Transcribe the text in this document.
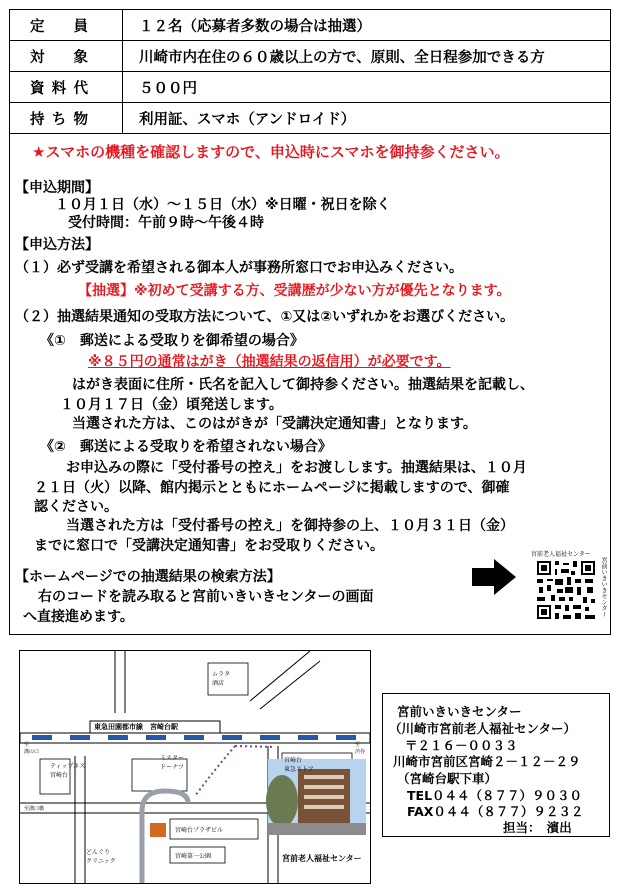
定　員	１２名（応募者多数の場合は抽選）
対　象	川崎市内在住の６０歳以上の方で、原則、全日程参加できる方
資料代	５００円
持ち物	利用証、スマホ（アンドロイド）
★スマホの機種を確認しますので、申込時にスマホを御持参ください。
【申込期間】
１０月１日（水）～１５日（水）※日曜・祝日を除く
受付時間：午前９時～午後４時
【申込方法】
（１）必ず受講を希望される御本人が事務所窓口でお申込みください。
【抽選】※初めて受講する方、受講歴が少ない方が優先となります。
（２）抽選結果通知の受取方法について、①又は②いずれかをお選びください。
《①　郵送による受取りを御希望の場合》
※８５円の通常はがき（抽選結果の返信用）が必要です。
はがき表面に住所・氏名を記入して御持参ください。抽選結果を記載し、
１０月１７日（金）頃発送します。
当選された方は、このはがきが「受講決定通知書」となります。
《②　郵送による受取りを希望されない場合》
お申込みの際に「受付番号の控え」をお渡しします。抽選結果は、１０月
２１日（火）以降、館内掲示とともにホームページに掲載しますので、御確
認ください。
当選された方は「受付番号の控え」を御持参の上、１０月３１日（金）
までに窓口で「受講決定通知書」をお受取りください。
【ホームページでの抽選結果の検索方法】
右のコードを読み取ると宮前いきいきセンターの画面
へ直接進めます。
宮前老人福祉センター
宮前いきいきセンター
東急田園都市線　宮崎台駅
ムラタ
酒店
ティップネス
宮崎台
ミスター
ドーナツ
宮崎台
東急ストア
宮崎台プラザビル
宮崎第一公園
どんぐり
クリニック	宮前老人福祉センター
至
溝の口
至
渋谷
至溝口橋
宮前いきいきセンター
（川崎市宮前老人福祉センター）
〒２１６－００３３
川崎市宮前区宮崎２－１２－２９
（宮崎台駅下車）
TEL０４４（８７７）９０３０
FAX０４４（８７７）９２３２
担当：　濱出
